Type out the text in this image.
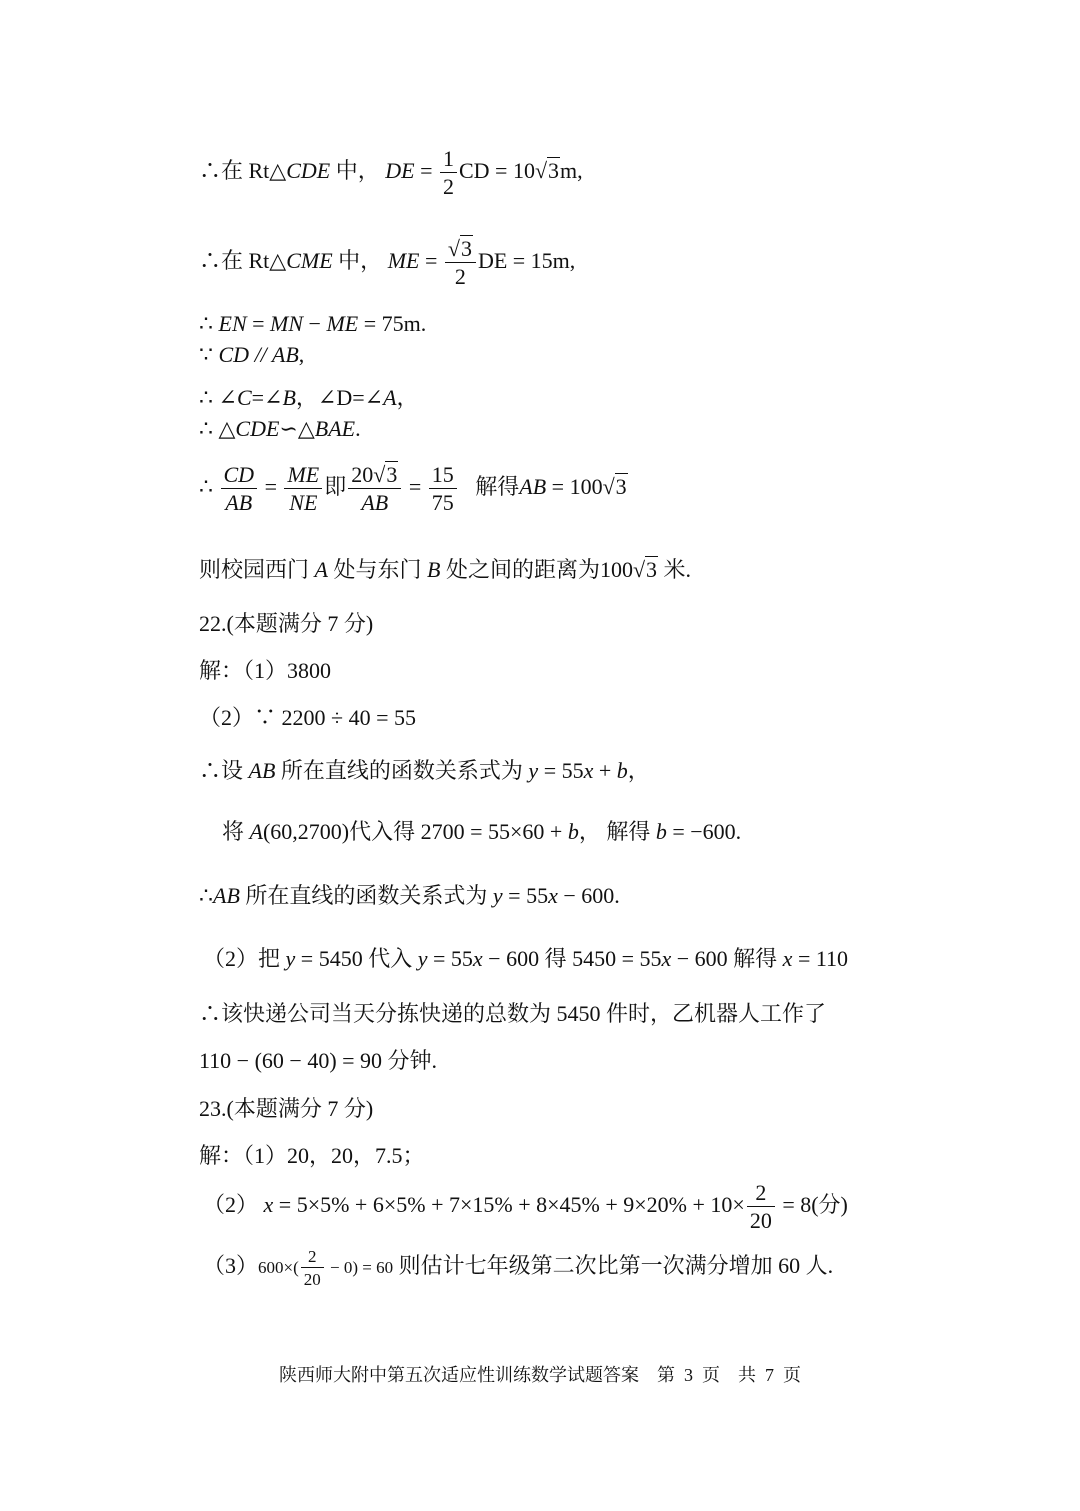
∴在 Rt△CDE 中， DE = $\frac{1}{2}$ CD = 10√3m,
∴在 Rt△CME 中， ME = $\frac{√3}{2}$ DE = 15m,
∴ EN = MN − ME = 75m.
∵ CD // AB,
∴ ∠C=∠B，∠D=∠A，
∴ △CDE∽△BAE.
∴ $\frac{CD}{AB} = \frac{ME}{NE}$ 即 $\frac{20√3}{AB} = \frac{15}{75}$ 解得AB = 100√3
则校园西门 A 处与东门 B 处之间的距离为100√3 米.
22.(本题满分 7 分)
解：（1）3800
（2）∵ 2200 ÷ 40 = 55
∴设 AB 所在直线的函数关系式为 y = 55x + b，
将 A(60,2700)代入得 2700 = 55×60 + b， 解得 b = −600.
∴AB 所在直线的函数关系式为 y = 55x − 600.
（2）把 y = 5450 代入 y = 55x − 600 得 5450 = 55x − 600 解得 x = 110
∴该快递公司当天分拣快递的总数为 5450 件时，乙机器人工作了
110 − (60 − 40) = 90 分钟.
23.(本题满分 7 分)
解：（1）20，20，7.5；
（2） $x = 5\times 5\% + 6\times 5\% + 7\times 15\% + 8\times 45\% + 9\times 20\% + 10\times \frac{2}{20} = 8$(分)
$(3)600\times( \frac{2}{20} - 0) = 60$ 则估计七年级第二次比第一次满分增加 60 人.
陕西师大附中第五次适应性训练数学试题答案    第  3  页    共  7  页
